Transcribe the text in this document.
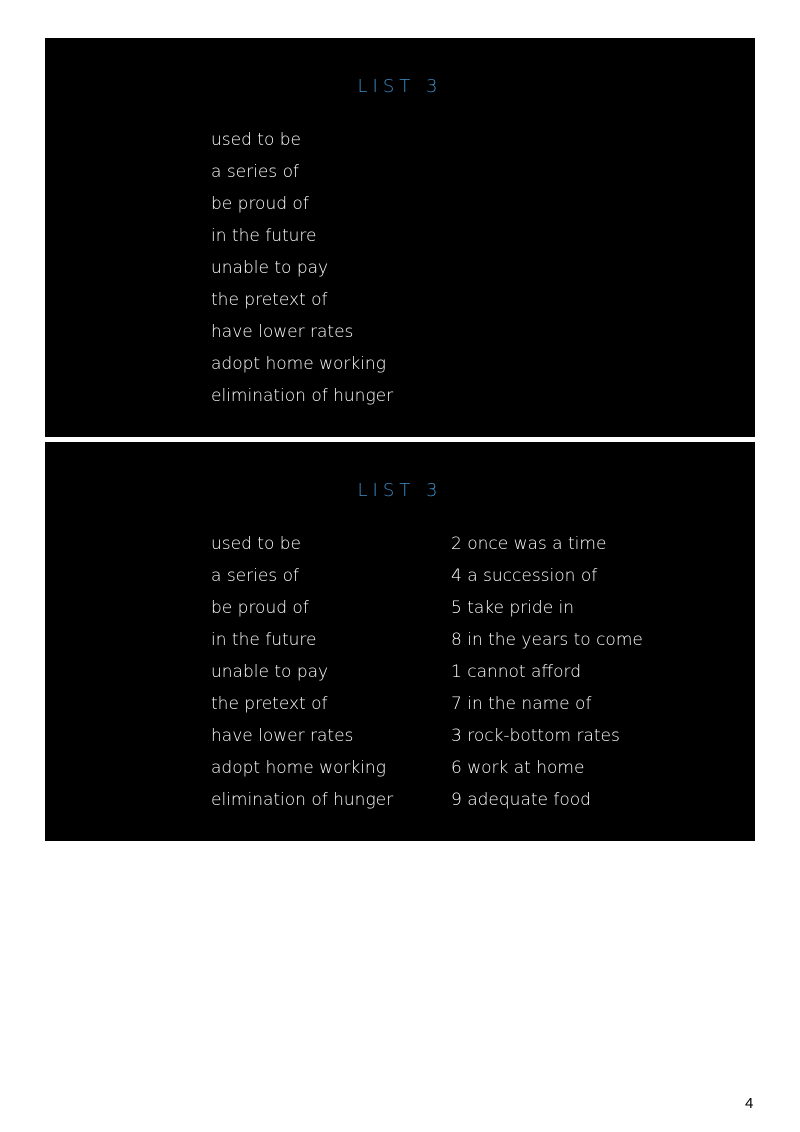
LIST 3
used to be
a series of
be proud of
in the future
unable to pay
the pretext of
have lower rates
adopt home working
elimination of hunger
LIST 3
used to be
a series of
be proud of
in the future
unable to pay
the pretext of
have lower rates
adopt home working
elimination of hunger
2 once was a time
4 a succession of
5 take pride in
8 in the years to come
1 cannot afford
7 in the name of
3 rock-bottom rates
6 work at home
9 adequate food
4
